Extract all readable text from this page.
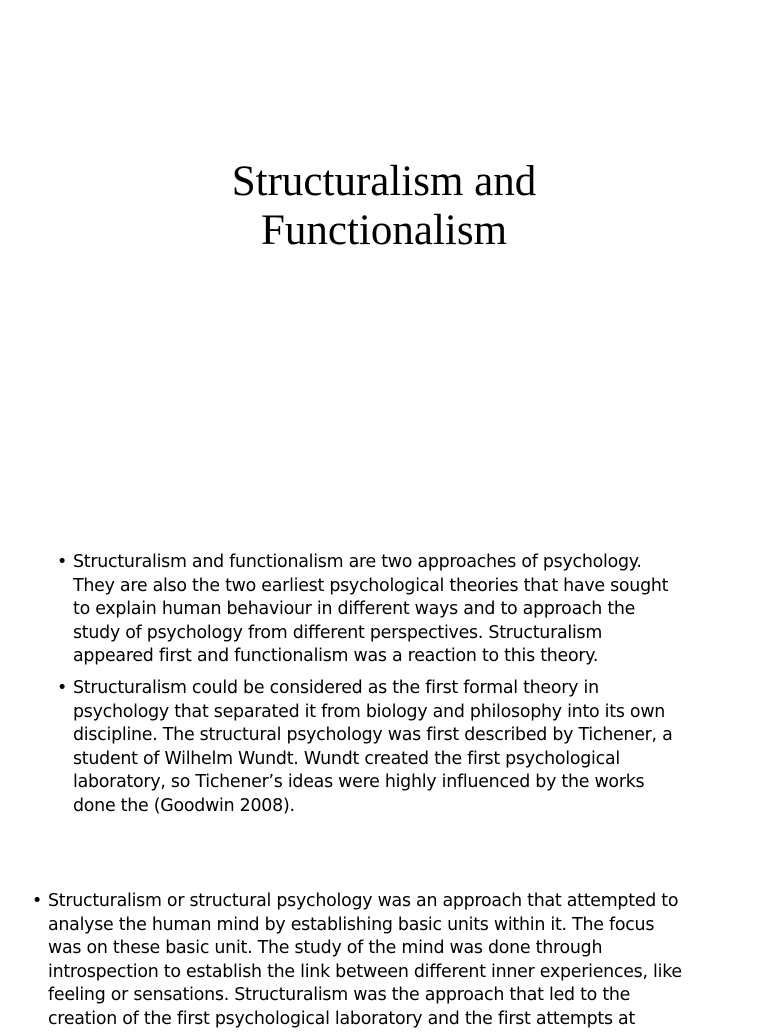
Structuralism and
Functionalism
• Structuralism and functionalism are two approaches of psychology.
They are also the two earliest psychological theories that have sought
to explain human behaviour in different ways and to approach the
study of psychology from different perspectives. Structuralism
appeared first and functionalism was a reaction to this theory.
• Structuralism could be considered as the first formal theory in
psychology that separated it from biology and philosophy into its own
discipline. The structural psychology was first described by Tichener, a
student of Wilhelm Wundt. Wundt created the first psychological
laboratory, so Tichener’s ideas were highly influenced by the works
done the (Goodwin 2008).
• Structuralism or structural psychology was an approach that attempted to
analyse the human mind by establishing basic units within it. The focus
was on these basic unit. The study of the mind was done through
introspection to establish the link between different inner experiences, like
feeling or sensations. Structuralism was the approach that led to the
creation of the first psychological laboratory and the first attempts at
